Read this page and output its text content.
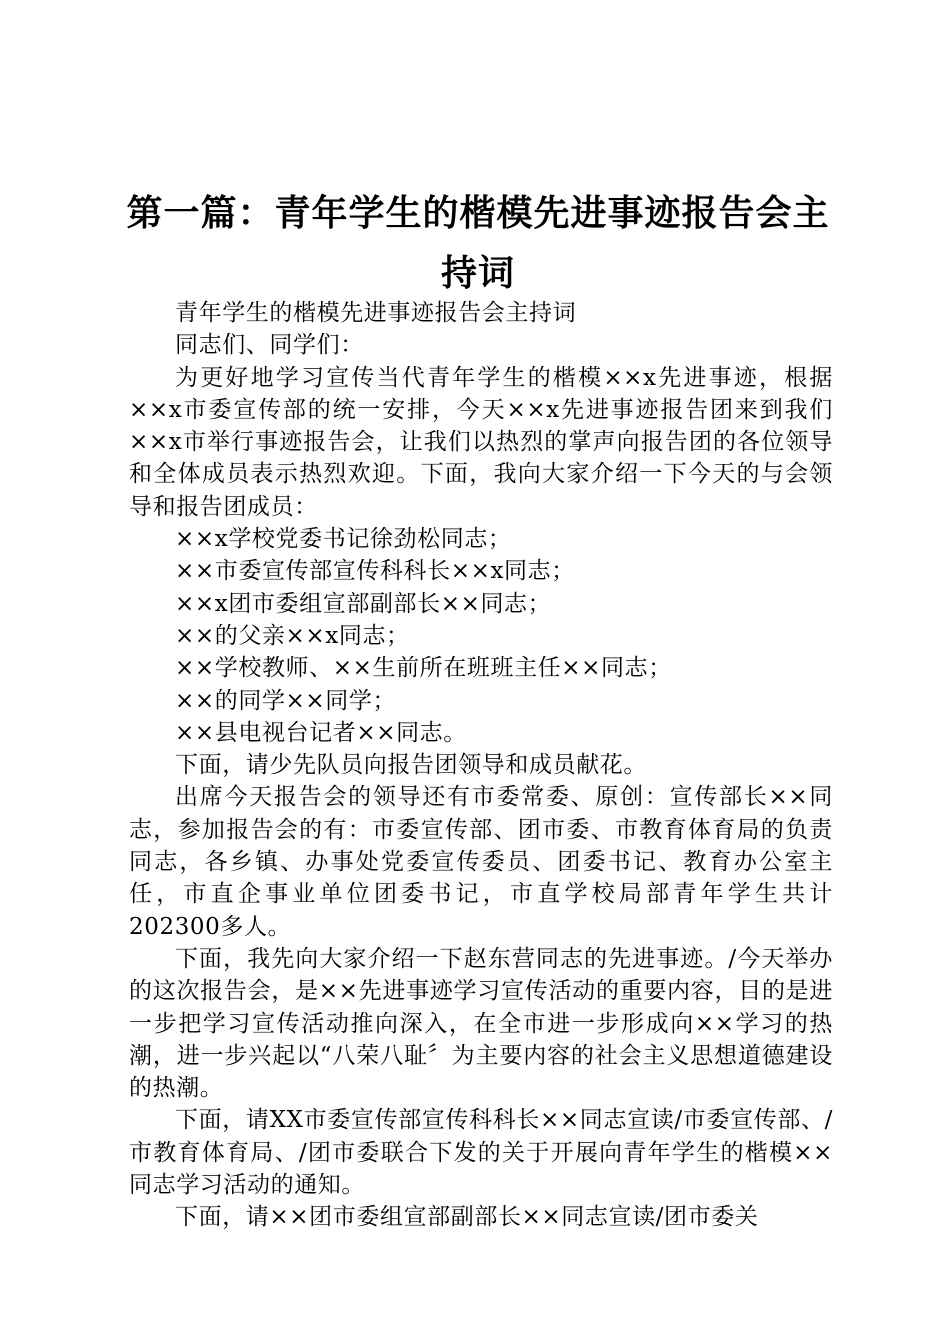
第一篇：青年学生的楷模先进事迹报告会主持词

青年学生的楷模先进事迹报告会主持词

同志们、同学们：

为更好地学习宣传当代青年学生的楷模××x先进事迹，根据××x市委宣传部的统一安排，今天××x先进事迹报告团来到我们××x市举行事迹报告会，让我们以热烈的掌声向报告团的各位领导和全体成员表示热烈欢迎。下面，我向大家介绍一下今天的与会领导和报告团成员：

××x学校党委书记徐劲松同志；

××市委宣传部宣传科科长××x同志；

××x团市委组宣部副部长××同志；

××的父亲××x同志；

××学校教师、××生前所在班班主任××同志；

××的同学××同学；

××县电视台记者××同志。

下面，请少先队员向报告团领导和成员献花。

出席今天报告会的领导还有市委常委、原创：宣传部长××同志，参加报告会的有：市委宣传部、团市委、市教育体育局的负责同志，各乡镇、办事处党委宣传委员、团委书记、教育办公室主任，市直企事业单位团委书记，市直学校局部青年学生共计202300多人。

下面，我先向大家介绍一下赵东营同志的先进事迹。/今天举办的这次报告会，是××先进事迹学习宣传活动的重要内容，目的是进一步把学习宣传活动推向深入，在全市进一步形成向××学习的热潮，进一步兴起以“八荣八耻〞为主要内容的社会主义思想道德建设的热潮。

下面，请XX市委宣传部宣传科科长××同志宣读/市委宣传部、/市教育体育局、/团市委联合下发的关于开展向青年学生的楷模××同志学习活动的通知。

下面，请××团市委组宣部副部长××同志宣读/团市委关
